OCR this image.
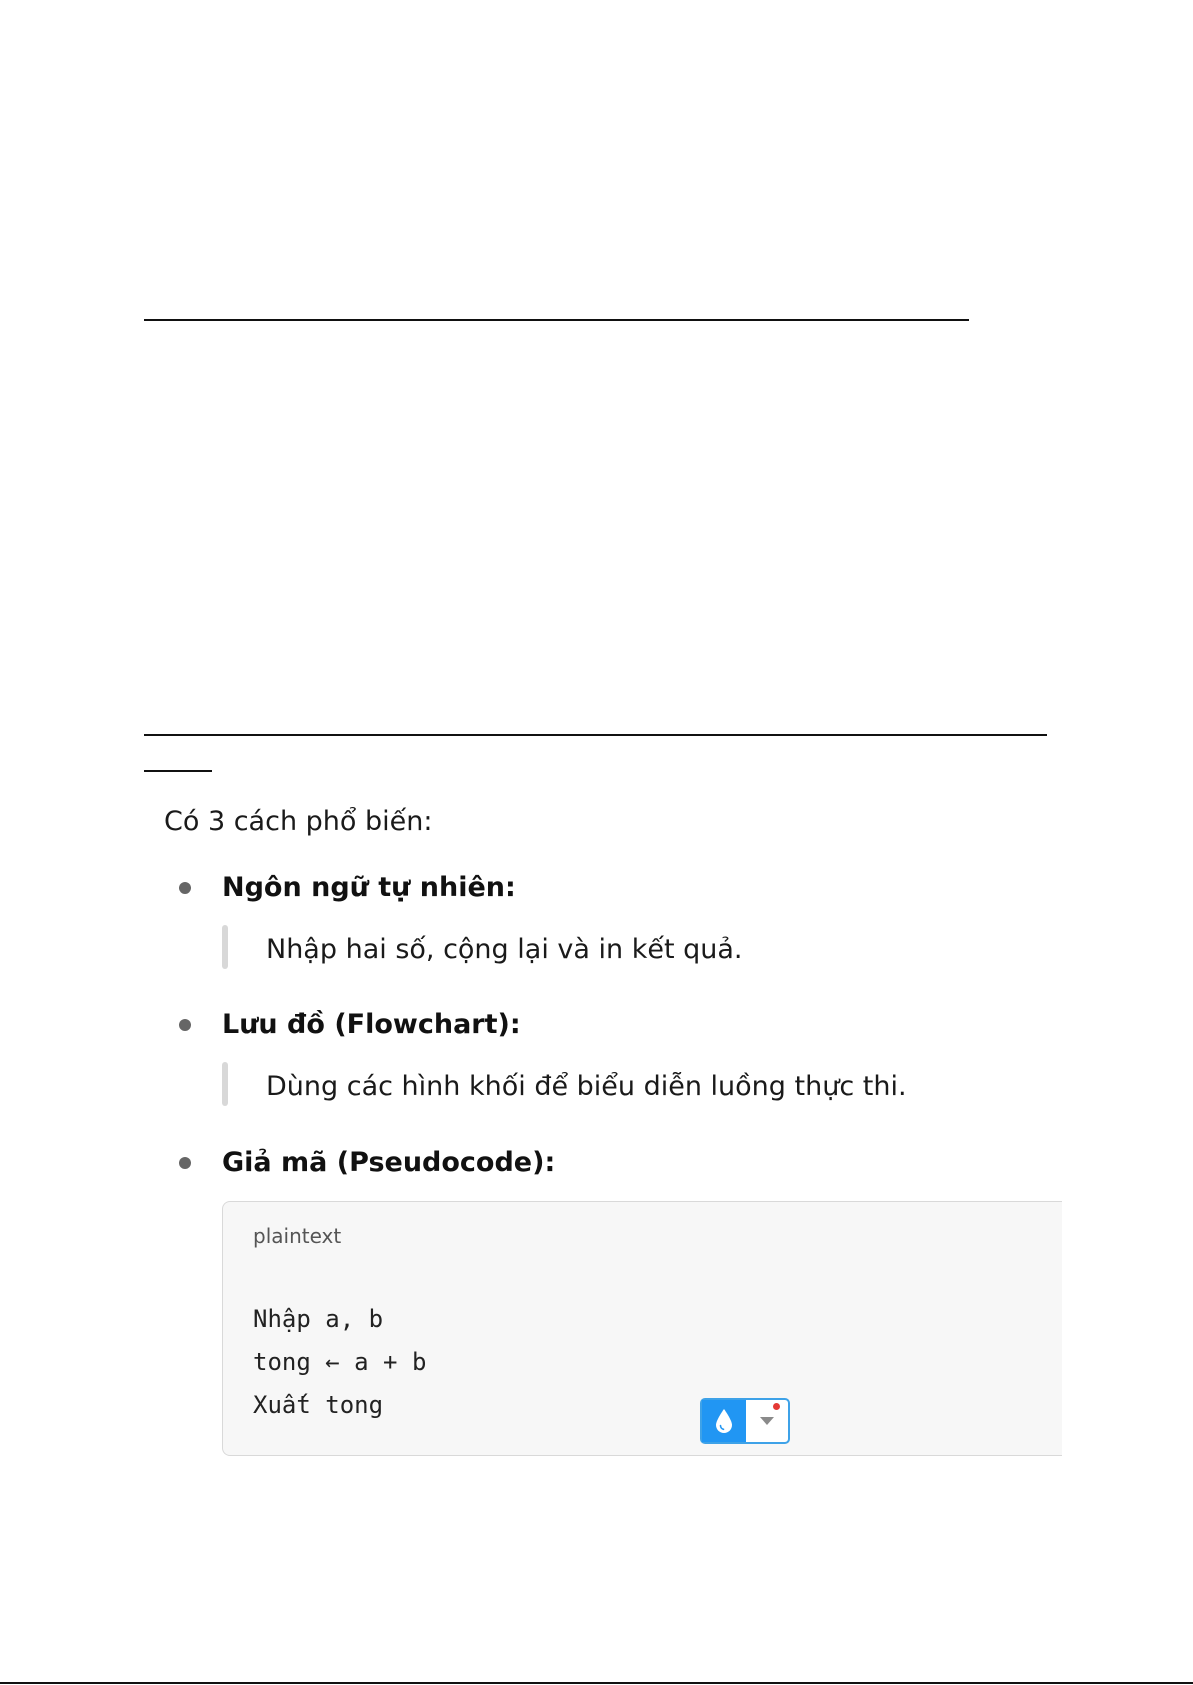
Có 3 cách phổ biến:
Ngôn ngữ tự nhiên:
Nhập hai số, cộng lại và in kết quả.
Lưu đồ (Flowchart):
Dùng các hình khối để biểu diễn luồng thực thi.
Giả mã (Pseudocode):
plaintext
Nhập a, b
tong ← a + b
Xuất tong
